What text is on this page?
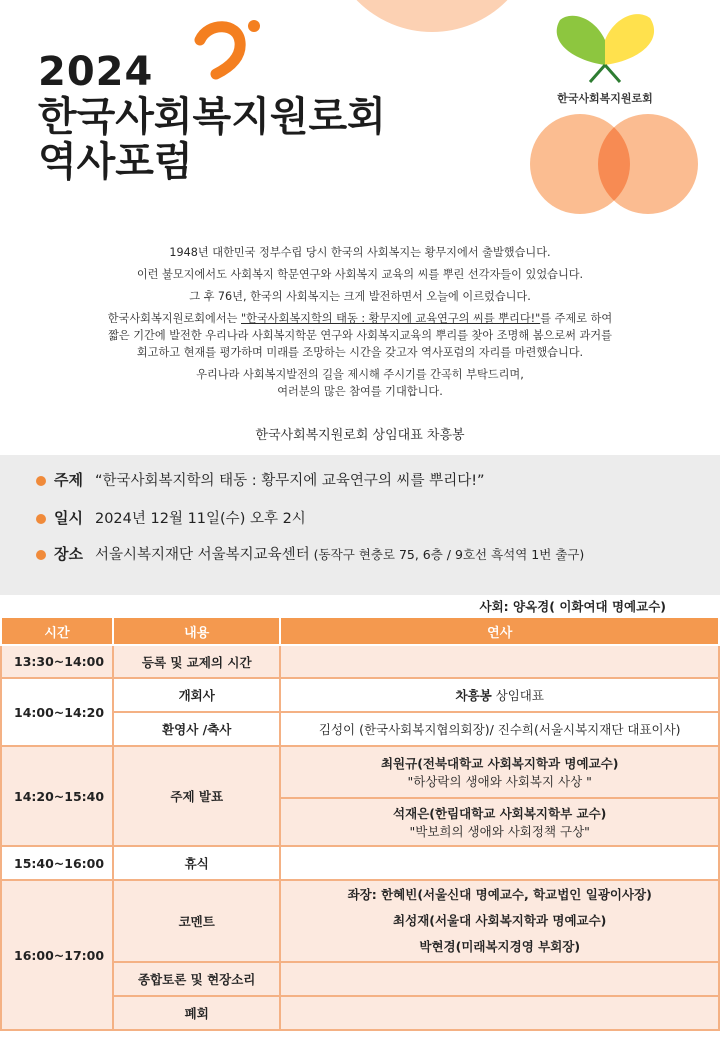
한국사회복지원로회
2024
한국사회복지원로회
역사포럼

1948년 대한민국 정부수립 당시 한국의 사회복지는 황무지에서 출발했습니다.

이런 불모지에서도 사회복지 학문연구와 사회복지 교육의 씨를 뿌린 선각자들이 있었습니다.

그 후 76년, 한국의 사회복지는 크게 발전하면서 오늘에 이르렀습니다.

한국사회복지원로회에서는 "한국사회복지학의 태동 : 황무지에 교육연구의 씨를 뿌리다!"를 주제로 하여

짧은 기간에 발전한 우리나라 사회복지학문 연구와 사회복지교육의 뿌리를 찾아 조명해 봄으로써 과거를

회고하고 현재를 평가하며 미래를 조망하는 시간을 갖고자 역사포럼의 자리를 마련했습니다.

우리나라 사회복지발전의 길을 제시해 주시기를 간곡히 부탁드리며,

여러분의 많은 참여를 기대합니다.

한국사회복지원로회 상임대표 차흥봉
주제 “한국사회복지학의 태동 : 황무지에 교육연구의 씨를 뿌리다!”
일시 2024년 12월 11일(수) 오후 2시
장소 서울시복지재단 서울복지교육센터 (동작구 현충로 75, 6층 / 9호선 흑석역 1번 출구)
사회: 양옥경( 이화여대 명예교수)
시간	내용	연사
13:30~14:00	등록 및 교제의 시간	
14:00~14:20	개회사	차흥봉 상임대표
	환영사 /축사	김성이 (한국사회복지협의회장)/ 진수희(서울시복지재단 대표이사)
14:20~15:40	주제 발표	최원규(전북대학교 사회복지학과 명예교수)
"하상락의 생애와 사회복지 사상 "

		석재은(한림대학교 사회복지학부 교수)
"박보희의 생애와 사회정책 구상"

15:40~16:00	휴식	
16:00~17:00	코멘트	좌장: 한혜빈(서울신대 명예교수, 학교법인 일광이사장)
최성재(서울대 사회복지학과 명예교수)
박현경(미래복지경영 부회장)

	종합토론 및 현장소리	
	폐회	
